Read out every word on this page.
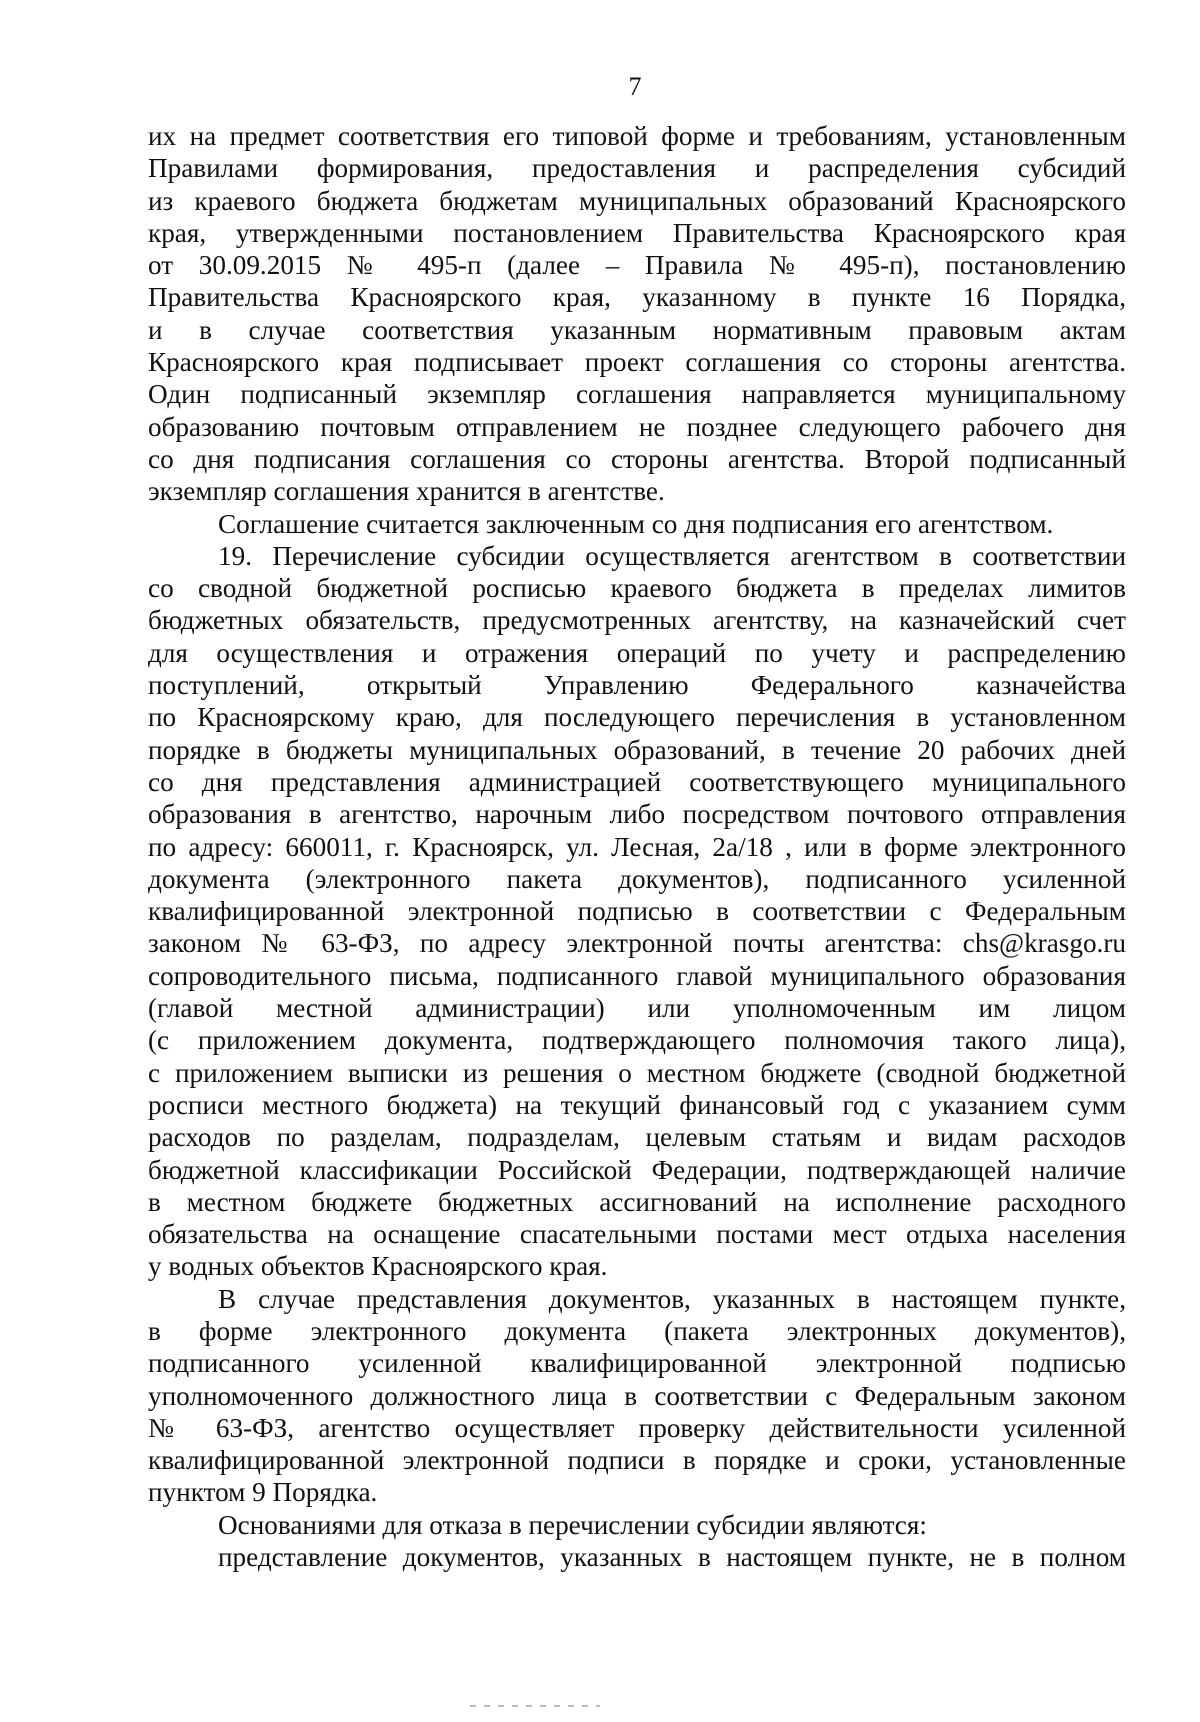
7
их на предмет соответствия его типовой форме и требованиям, установленным
Правилами формирования, предоставления и распределения субсидий
из краевого бюджета бюджетам муниципальных образований Красноярского
края, утвержденными постановлением Правительства Красноярского края
от 30.09.2015 № 495-п (далее – Правила № 495-п), постановлению
Правительства Красноярского края, указанному в пункте 16 Порядка,
и в случае соответствия указанным нормативным правовым актам
Красноярского края подписывает проект соглашения со стороны агентства.
Один подписанный экземпляр соглашения направляется муниципальному
образованию почтовым отправлением не позднее следующего рабочего дня
со дня подписания соглашения со стороны агентства. Второй подписанный
экземпляр соглашения хранится в агентстве.
Соглашение считается заключенным со дня подписания его агентством.
19. Перечисление субсидии осуществляется агентством в соответствии
со сводной бюджетной росписью краевого бюджета в пределах лимитов
бюджетных обязательств, предусмотренных агентству, на казначейский счет
для осуществления и отражения операций по учету и распределению
поступлений, открытый Управлению Федерального казначейства
по Красноярскому краю, для последующего перечисления в установленном
порядке в бюджеты муниципальных образований, в течение 20 рабочих дней
со дня представления администрацией соответствующего муниципального
образования в агентство, нарочным либо посредством почтового отправления
по адресу: 660011, г. Красноярск, ул. Лесная, 2а/18 , или в форме электронного
документа (электронного пакета документов), подписанного усиленной
квалифицированной электронной подписью в соответствии с Федеральным
законом № 63-ФЗ, по адресу электронной почты агентства: chs@krasgo.ru
сопроводительного письма, подписанного главой муниципального образования
(главой местной администрации) или уполномоченным им лицом
(с приложением документа, подтверждающего полномочия такого лица),
с приложением выписки из решения о местном бюджете (сводной бюджетной
росписи местного бюджета) на текущий финансовый год с указанием сумм
расходов по разделам, подразделам, целевым статьям и видам расходов
бюджетной классификации Российской Федерации, подтверждающей наличие
в местном бюджете бюджетных ассигнований на исполнение расходного
обязательства на оснащение спасательными постами мест отдыха населения
у водных объектов Красноярского края.
В случае представления документов, указанных в настоящем пункте,
в форме электронного документа (пакета электронных документов),
подписанного усиленной квалифицированной электронной подписью
уполномоченного должностного лица в соответствии с Федеральным законом
№ 63-ФЗ, агентство осуществляет проверку действительности усиленной
квалифицированной электронной подписи в порядке и сроки, установленные
пунктом 9 Порядка.
Основаниями для отказа в перечислении субсидии являются:
представление документов, указанных в настоящем пункте, не в полном
